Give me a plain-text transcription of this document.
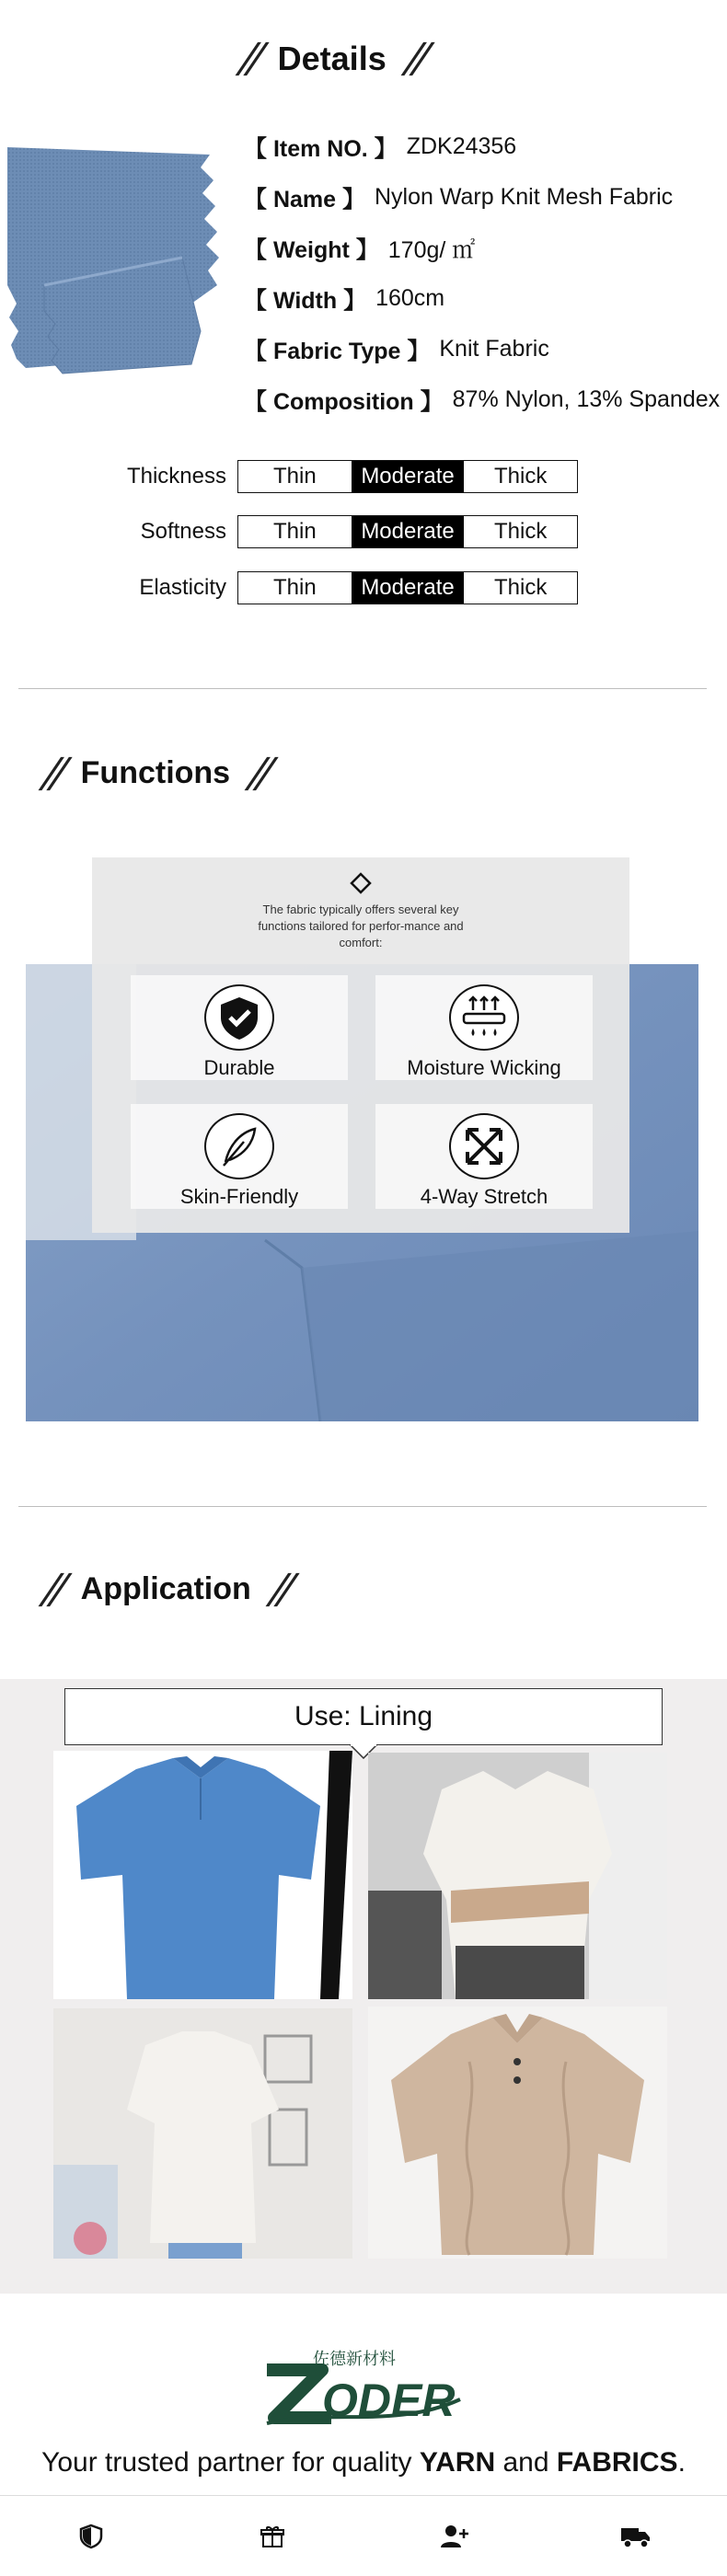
// Details //
【 Item NO. 】 ZDK24356
【 Name 】 Nylon Warp Knit Mesh Fabric
【 Weight 】 170g/ ㎡
【 Width 】 160cm
【 Fabric Type 】 Knit Fabric
【 Composition 】 87% Nylon, 13% Spandex
Thickness	Thin	Moderate	Thick
Softness	Thin	Moderate	Thick
Elasticity	Thin	Moderate	Thick
// Functions //
The fabric typically offers several key functions tailored for perfor-mance and comfort:
Durable	Moisture Wicking
Skin-Friendly	4-Way Stretch
// Application //
Use: Lining
佐德新材料
ODER
Your trusted partner for quality YARN and FABRICS.
